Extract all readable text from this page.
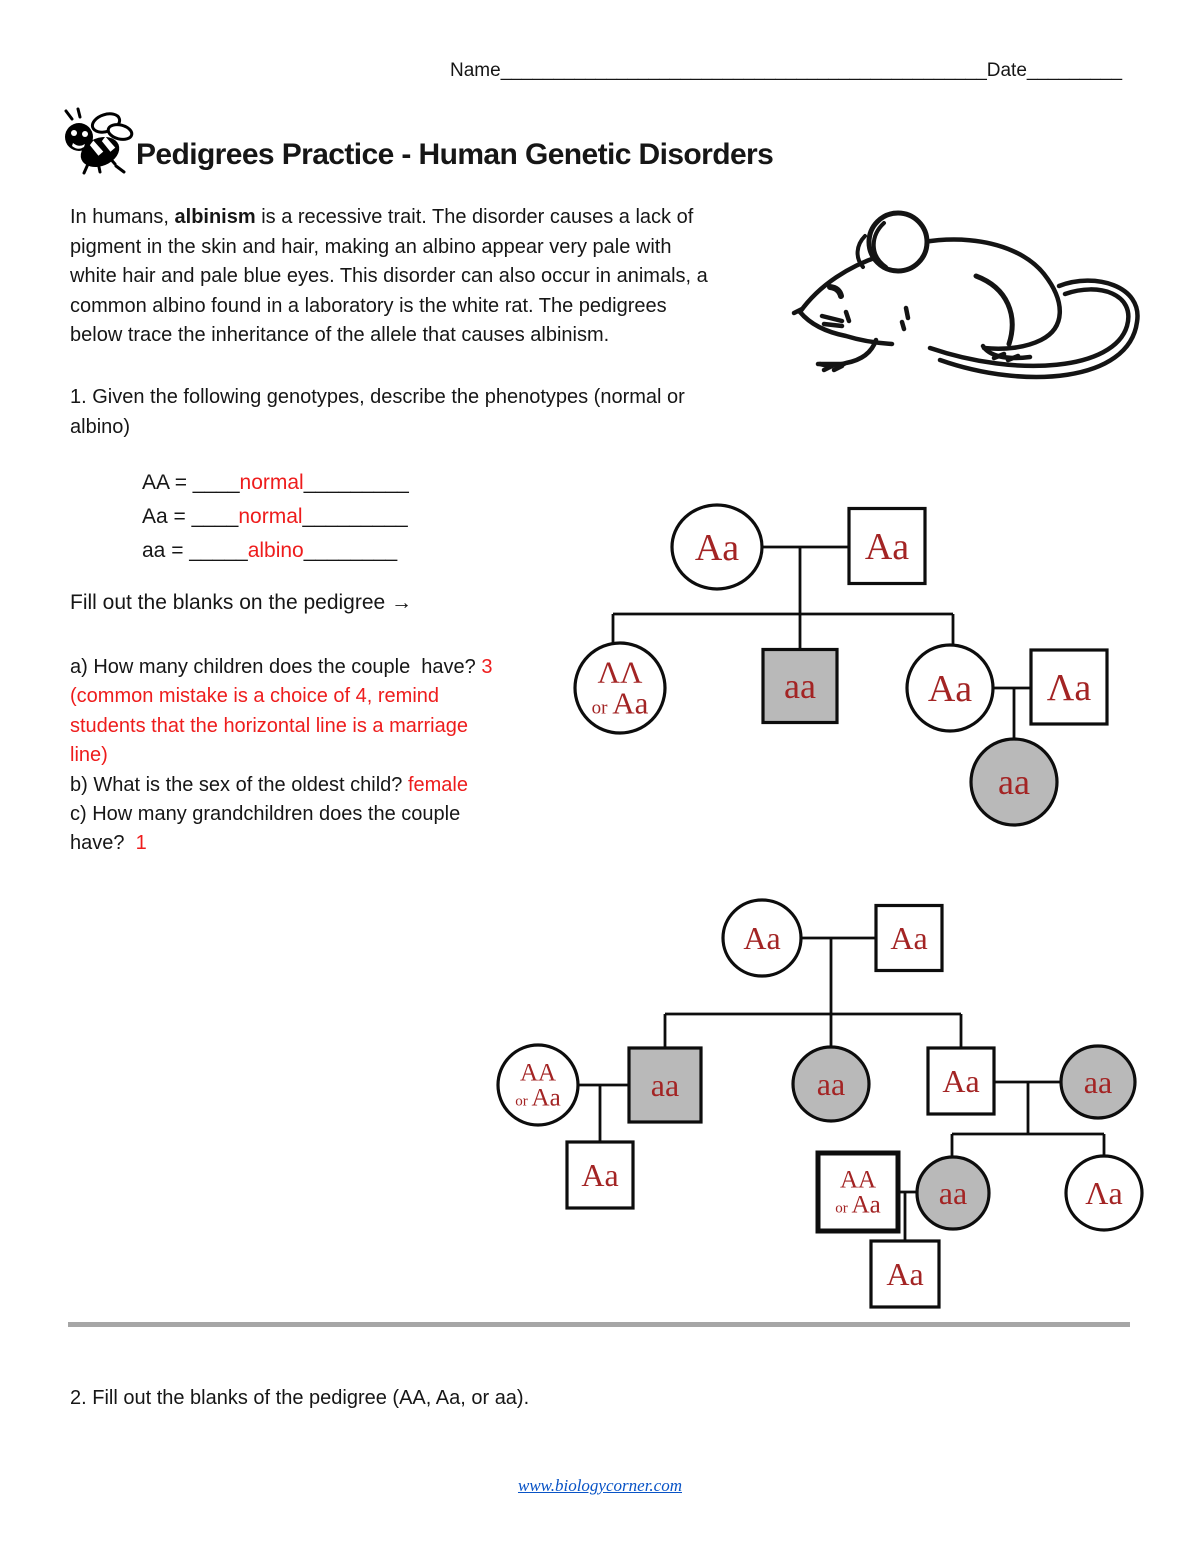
Name______________________________________________Date_________
Pedigrees Practice - Human Genetic Disorders
In humans, albinism is a recessive trait. The disorder causes a lack of
pigment in the skin and hair, making an albino appear very pale with
white hair and pale blue eyes. This disorder can also occur in animals, a
common albino found in a laboratory is the white rat. The pedigrees
below trace the inheritance of the allele that causes albinism.
1. Given the following genotypes, describe the phenotypes (normal or
albino)
AA = ____normal_________
Aa = ____normal_________
aa = _____albino________
Fill out the blanks on the pedigree →
a) How many children does the couple  have? 3
(common mistake is a choice of 4, remind
students that the horizontal line is a marriage
line)
b) What is the sex of the oldest child? female
c) How many grandchildren does the couple
have?  1
Aa	Aa
ΛΛ
or Aa	aa	Aa Λa
aa
Aa	Aa
AA
or Aa	aa	aa	Aa	aa
Aa	AA
or Aa aa	Λa
Aa
2. Fill out the blanks of the pedigree (AA, Aa, or aa).
www.biologycorner.com
